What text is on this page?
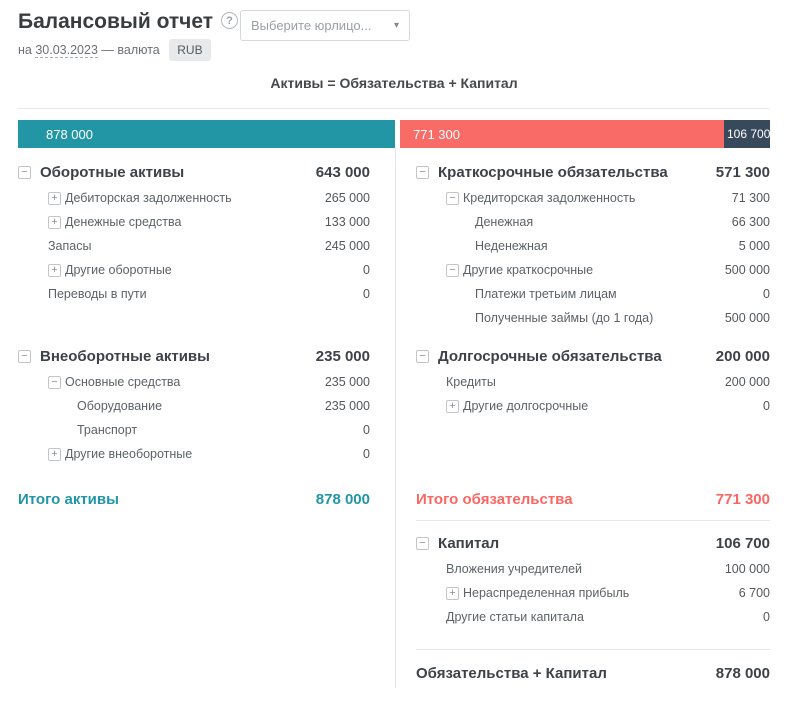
Балансовый отчет ? Выберите юрлицо...	▾
на 30.03.2023 — валюта RUB
Активы = Обязательства + Капитал
878 000	771 300	106 700
− Оборотные активы	643 000
+ Дебиторская задолженность	265 000
+ Денежные средства	133 000
Запасы	245 000
+ Другие оборотные	0
Переводы в пути	0
− Внеоборотные активы	235 000
− Основные средства	235 000
Оборудование	235 000
Транспорт	0
+ Другие внеоборотные	0
Итого активы	878 000
− Краткосрочные обязательства	571 300
− Кредиторская задолженность	71 300
Денежная	66 300
Неденежная	5 000
− Другие краткосрочные	500 000
Платежи третьим лицам	0
Полученные займы (до 1 года)	500 000
− Долгосрочные обязательства	200 000
Кредиты	200 000
+ Другие долгосрочные	0
Итого обязательства	771 300
− Капитал	106 700
Вложения учредителей	100 000
+ Нераспределенная прибыль	6 700
Другие статьи капитала	0
Обязательства + Капитал	878 000
